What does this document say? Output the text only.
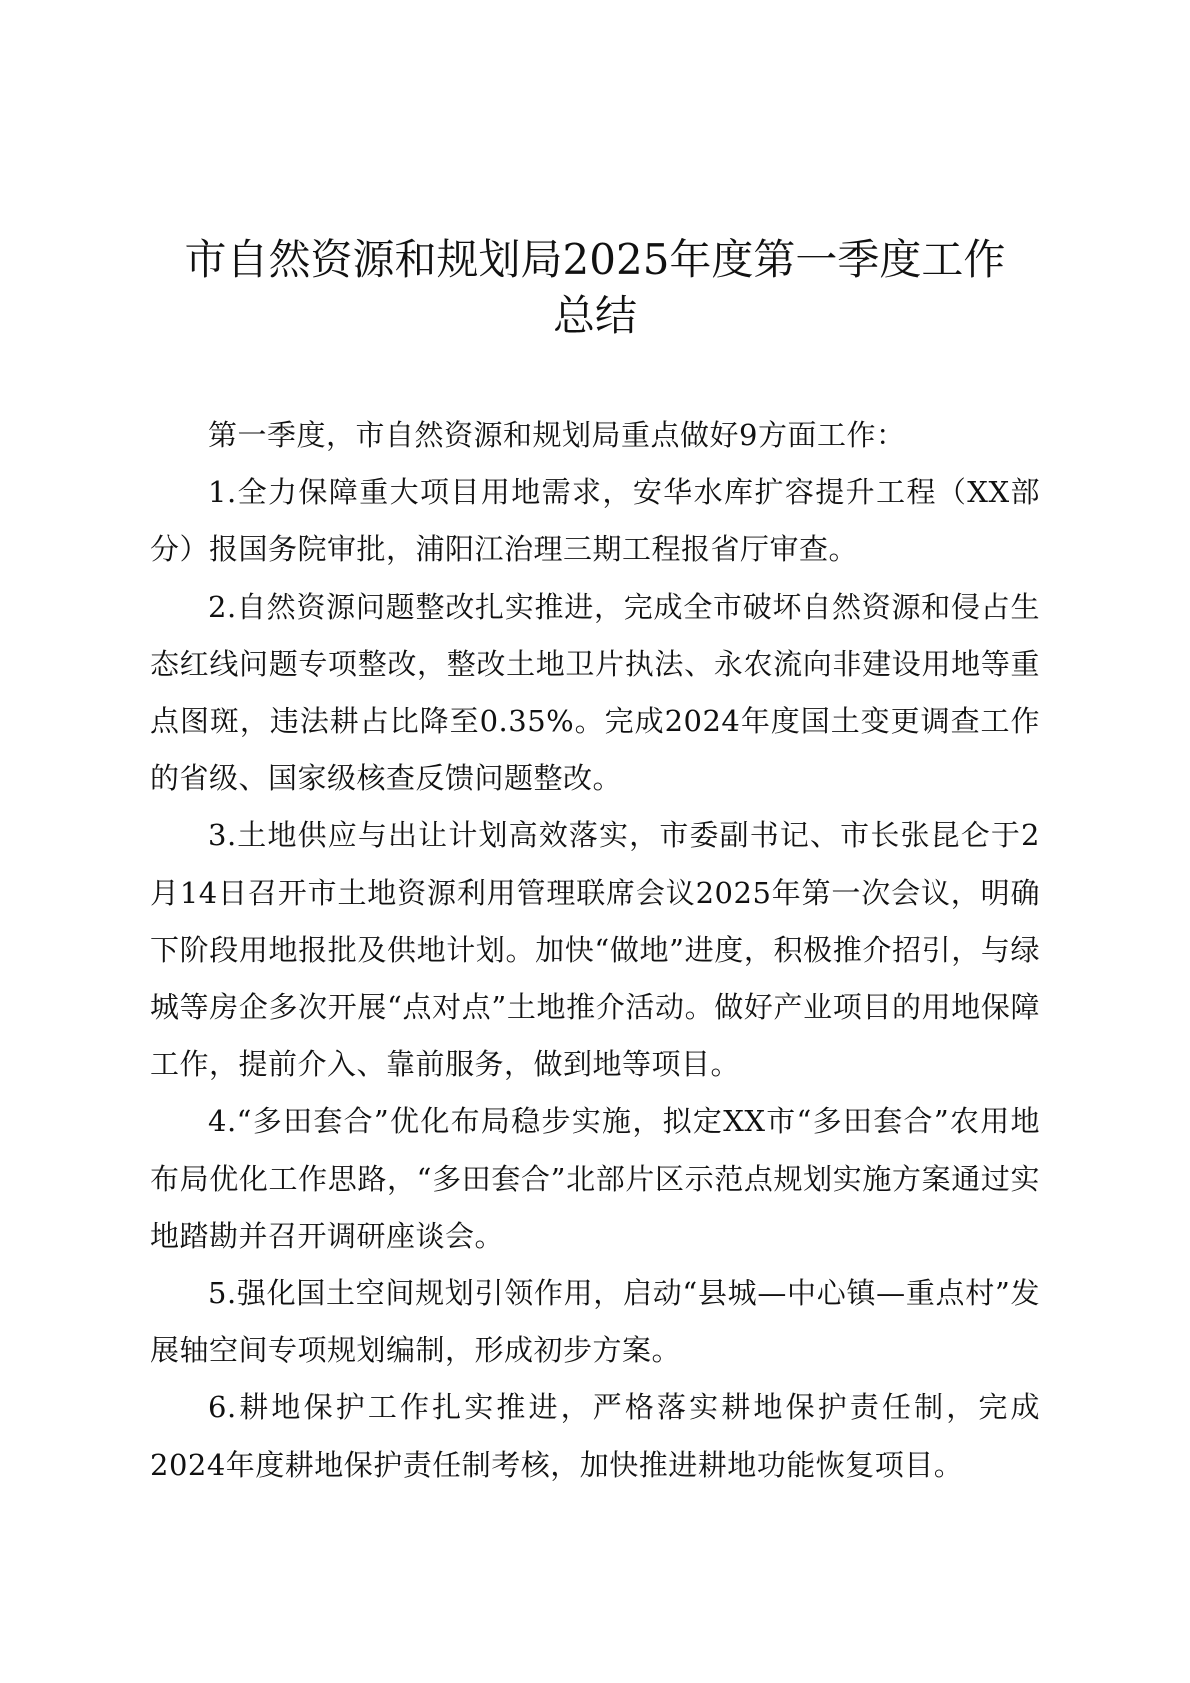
市自然资源和规划局2025年度第一季度工作
总结

第一季度，市自然资源和规划局重点做好9方面工作：

1.全力保障重大项目用地需求，安华水库扩容提升工程（XX部分）报国务院审批，浦阳江治理三期工程报省厅审查。

2.自然资源问题整改扎实推进，完成全市破坏自然资源和侵占生态红线问题专项整改，整改土地卫片执法、永农流向非建设用地等重点图斑，违法耕占比降至0.35%。完成2024年度国土变更调查工作的省级、国家级核查反馈问题整改。

3.土地供应与出让计划高效落实，市委副书记、市长张昆仑于2月14日召开市土地资源利用管理联席会议2025年第一次会议，明确下阶段用地报批及供地计划。加快“做地”进度，积极推介招引，与绿城等房企多次开展“点对点”土地推介活动。做好产业项目的用地保障工作，提前介入、靠前服务，做到地等项目。

4.“多田套合”优化布局稳步实施，拟定XX市“多田套合”农用地布局优化工作思路，“多田套合”北部片区示范点规划实施方案通过实地踏勘并召开调研座谈会。

5.强化国土空间规划引领作用，启动“县城—中心镇—重点村”发展轴空间专项规划编制，形成初步方案。

6.耕地保护工作扎实推进，严格落实耕地保护责任制，完成2024年度耕地保护责任制考核，加快推进耕地功能恢复项目。
